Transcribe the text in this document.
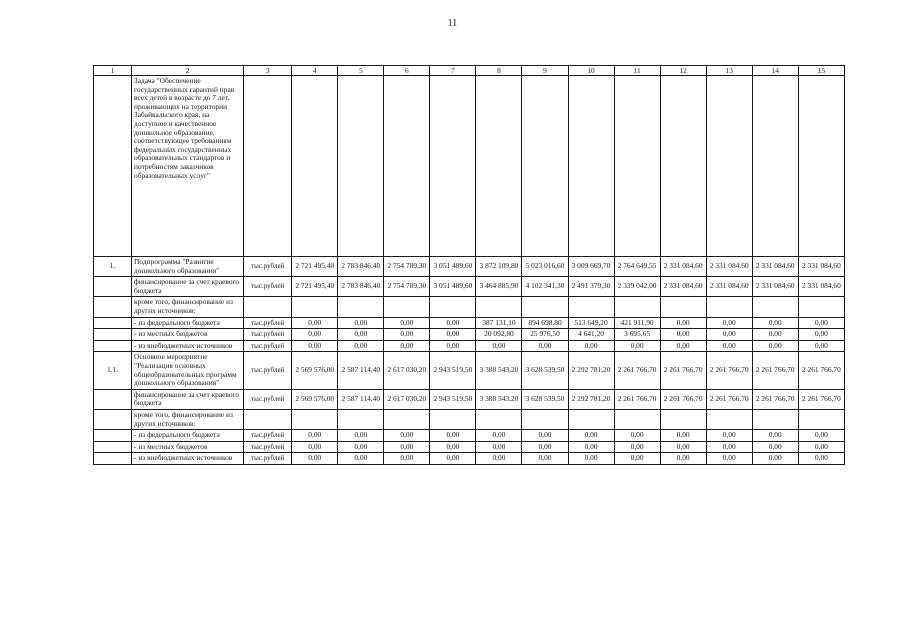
11
1	2	3	4	5	6	7	8	9	10	11	12	13	14	15
	Задача "Обеспечение государственных гарантий прав всех детей в возрасте до 7 лет, проживающих на территории Забайкальского края, на доступное и качественное дошкольное образование, соответствующее требованиям федеральных государственных образовательных стандартов и потребностям заказчиков образовательных услуг"													
1.	Подпрограмма "Развитие дошкольного образования"	тыс.рублей	2 721 495,40	2 783 846,40	2 754 789,30	3 051 489,60	3 872 109,80	5 023 016,60	3 009 669,70	2 764 649,55	2 331 084,60	2 331 084,60	2 331 084,60	2 331 084,60
	финансирование за счет краевого бюджета	тыс.рублей	2 721 495,40	2 783 846,40	2 754 789,30	3 051 489,60	3 464 885,90	4 102 341,30	2 491 379,30	2 339 042,00	2 331 084,60	2 331 084,60	2 331 084,60	2 331 084,60
	кроме того, финансирование из других источников:													
	- из федерального бюджета	тыс.рублей	0,00	0,00	0,00	0,00	387 131,10	894 698,80	513 649,20	421 911,90	0,00	0,00	0,00	0,00
	- из местных бюджетов	тыс.рублей	0,00	0,00	0,00	0,00	20 092,80	25 976,50	4 641,20	3 695,65	0,00	0,00	0,00	0,00
	- из внебюджетных источников	тыс.рублей	0,00	0,00	0,00	0,00	0,00	0,00	0,00	0,00	0,00	0,00	0,00	0,00
1.1.	Основное мероприятие "Реализация основных общеобразовательных программ дошкольного образования"	тыс.рублей	2 569 576,00	2 587 114,40	2 617 030,20	2 943 519,50	3 388 543,20	3 628 539,50	2 292 781,20	2 261 766,70	2 261 766,70	2 261 766,70	2 261 766,70	2 261 766,70
	финансирование за счет краевого бюджета	тыс.рублей	2 569 576,00	2 587 114,40	2 617 030,20	2 943 519,50	3 388 543,20	3 628 539,50	2 292 781,20	2 261 766,70	2 261 766,70	2 261 766,70	2 261 766,70	2 261 766,70
	кроме того, финансирование из других источников:													
	- из федерального бюджета	тыс.рублей	0,00	0,00	0,00	0,00	0,00	0,00	0,00	0,00	0,00	0,00	0,00	0,00
	- из местных бюджетов	тыс.рублей	0,00	0,00	0,00	0,00	0,00	0,00	0,00	0,00	0,00	0,00	0,00	0,00
	- из внебюджетных источников	тыс.рублей	0,00	0,00	0,00	0,00	0,00	0,00	0,00	0,00	0,00	0,00	0,00	0,00
